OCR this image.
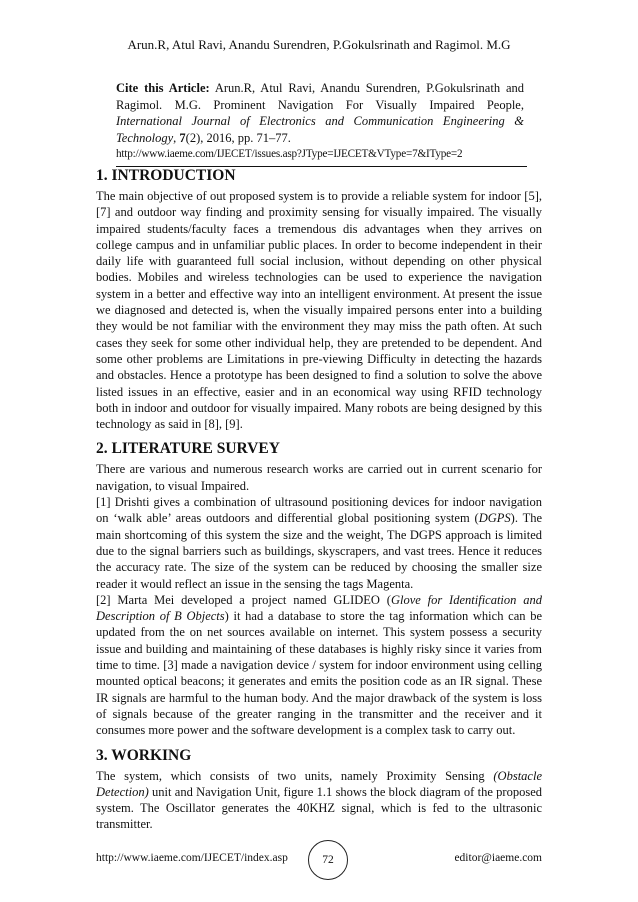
Arun.R, Atul Ravi, Anandu Surendren, P.Gokulsrinath and Ragimol. M.G

Cite this Article: Arun.R, Atul Ravi, Anandu Surendren, P.Gokulsrinath and Ragimol. M.G. Prominent Navigation For Visually Impaired People, International Journal of Electronics and Communication Engineering & Technology, 7(2), 2016, pp. 71–77.

http://www.iaeme.com/IJECET/issues.asp?JType=IJECET&VType=7&IType=2
1. INTRODUCTION

The main objective of out proposed system is to provide a reliable system for indoor [5], [7] and outdoor way finding and proximity sensing for visually impaired. The visually impaired students/faculty faces a tremendous dis advantages when they arrives on college campus and in unfamiliar public places. In order to become independent in their daily life with guaranteed full social inclusion, without depending on other physical bodies. Mobiles and wireless technologies can be used to experience the navigation system in a better and effective way into an intelligent environment. At present the issue we diagnosed and detected is, when the visually impaired persons enter into a building they would be not familiar with the environment they may miss the path often. At such cases they seek for some other individual help, they are pretended to be dependent. And some other problems are Limitations in pre-viewing Difficulty in detecting the hazards and obstacles. Hence a prototype has been designed to find a solution to solve the above listed issues in an effective, easier and in an economical way using RFID technology both in indoor and outdoor for visually impaired. Many robots are being designed by this technology as said in [8], [9].

2. LITERATURE SURVEY

There are various and numerous research works are carried out in current scenario for navigation, to visual Impaired.

[1] Drishti gives a combination of ultrasound positioning devices for indoor navigation on ‘walk able’ areas outdoors and differential global positioning system (DGPS). The main shortcoming of this system the size and the weight, The DGPS approach is limited due to the signal barriers such as buildings, skyscrapers, and vast trees. Hence it reduces the accuracy rate. The size of the system can be reduced by choosing the smaller size reader it would reflect an issue in the sensing the tags Magenta.

[2] Marta Mei developed a project named GLIDEO (Glove for Identification and Description of B Objects) it had a database to store the tag information which can be updated from the on net sources available on internet. This system possess a security issue and building and maintaining of these databases is highly risky since it varies from time to time. [3] made a navigation device / system for indoor environment using celling mounted optical beacons; it generates and emits the position code as an IR signal. These IR signals are harmful to the human body. And the major drawback of the system is loss of signals because of the greater ranging in the transmitter and the receiver and it consumes more power and the software development is a complex task to carry out.

3. WORKING

The system, which consists of two units, namely Proximity Sensing (Obstacle Detection) unit and Navigation Unit, figure 1.1 shows the block diagram of the proposed system. The Oscillator generates the 40KHZ signal, which is fed to the ultrasonic transmitter.

http://www.iaeme.com/IJECET/index.asp	72	editor@iaeme.com
